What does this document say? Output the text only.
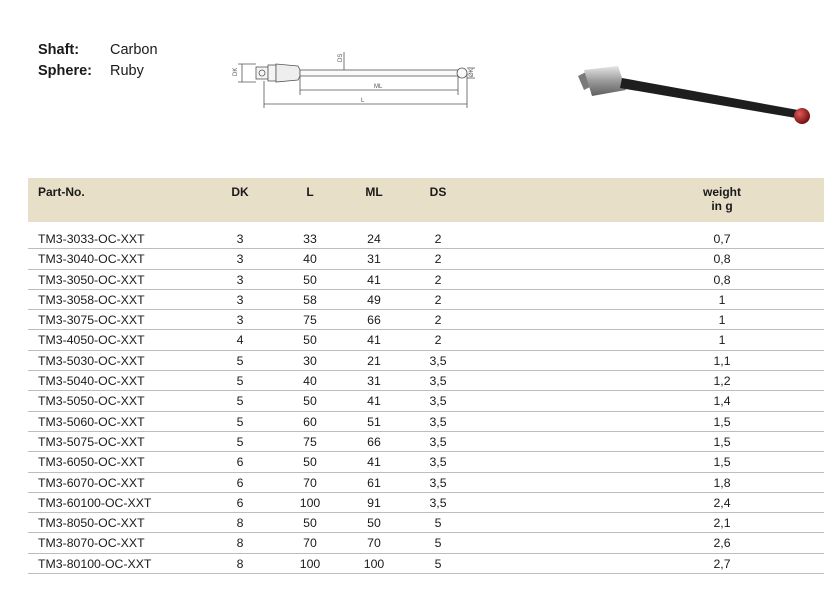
Shaft: Carbon
Sphere: Ruby	DK
DS
ML
L
ØK
Part-No.	DK	L	ML	DS	weight
in g
TM3-3033-OC-XXT	3	33	24	2	0,7
TM3-3040-OC-XXT	3	40	31	2	0,8
TM3-3050-OC-XXT	3	50	41	2	0,8
TM3-3058-OC-XXT	3	58	49	2	1
TM3-3075-OC-XXT	3	75	66	2	1
TM3-4050-OC-XXT	4	50	41	2	1
TM3-5030-OC-XXT	5	30	21	3,5	1,1
TM3-5040-OC-XXT	5	40	31	3,5	1,2
TM3-5050-OC-XXT	5	50	41	3,5	1,4
TM3-5060-OC-XXT	5	60	51	3,5	1,5
TM3-5075-OC-XXT	5	75	66	3,5	1,5
TM3-6050-OC-XXT	6	50	41	3,5	1,5
TM3-6070-OC-XXT	6	70	61	3,5	1,8
TM3-60100-OC-XXT	6	100	91	3,5	2,4
TM3-8050-OC-XXT	8	50	50	5	2,1
TM3-8070-OC-XXT	8	70	70	5	2,6
TM3-80100-OC-XXT	8	100	100	5	2,7
